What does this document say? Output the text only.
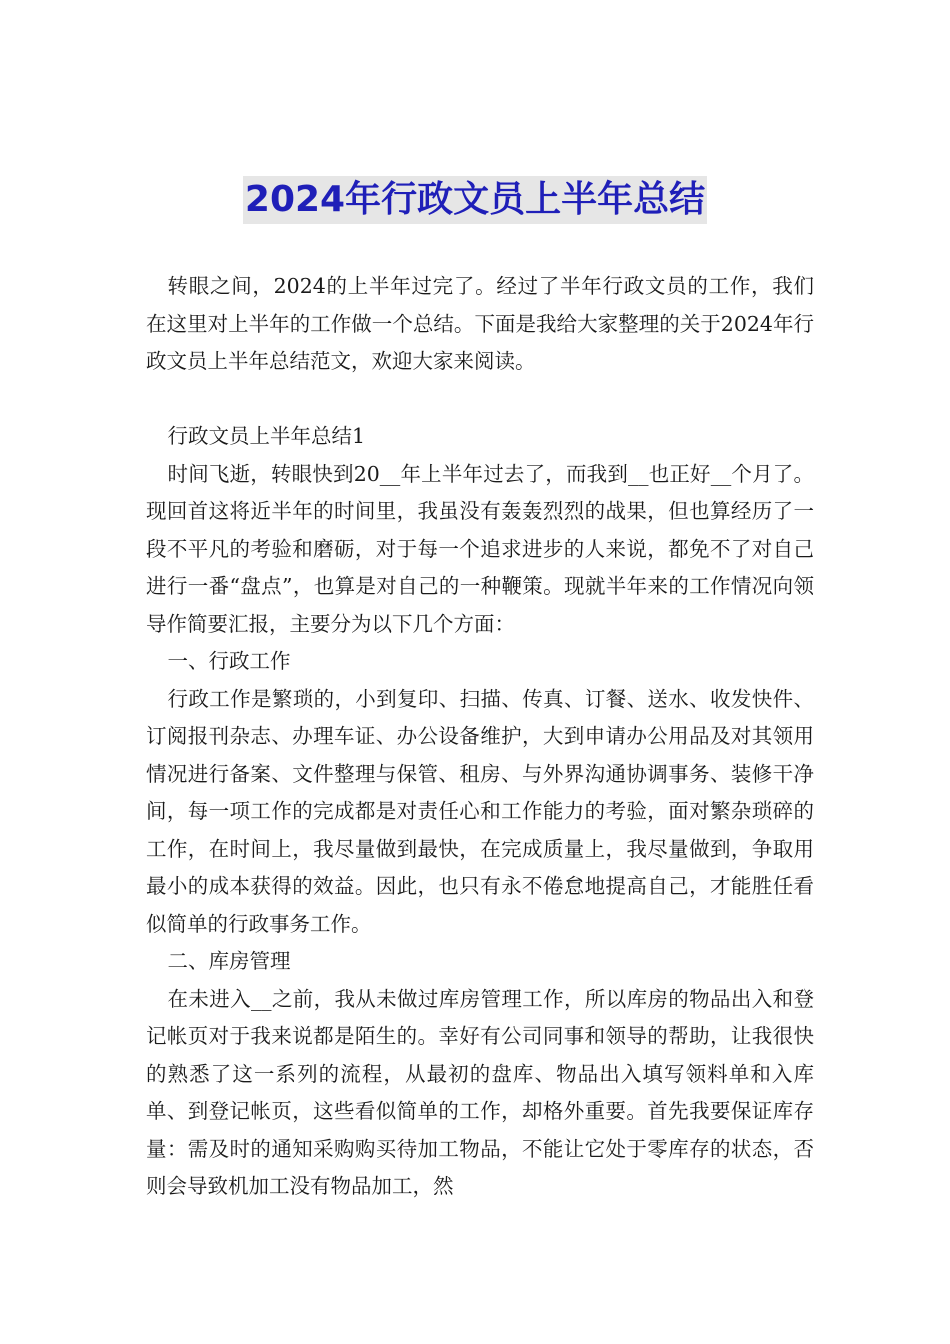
2024年行政文员上半年总结

转眼之间，2024的上半年过完了。经过了半年行政文员的工作，我们在这里对上半年的工作做一个总结。下面是我给大家整理的关于2024年行政文员上半年总结范文，欢迎大家来阅读。

行政文员上半年总结1

时间飞逝，转眼快到20__年上半年过去了，而我到__也正好__个月了。现回首这将近半年的时间里，我虽没有轰轰烈烈的战果，但也算经历了一段不平凡的考验和磨砺，对于每一个追求进步的人来说，都免不了对自己进行一番“盘点”，也算是对自己的一种鞭策。现就半年来的工作情况向领导作简要汇报，主要分为以下几个方面：

一、行政工作

行政工作是繁琐的，小到复印、扫描、传真、订餐、送水、收发快件、订阅报刊杂志、办理车证、办公设备维护，大到申请办公用品及对其领用情况进行备案、文件整理与保管、租房、与外界沟通协调事务、装修干净间，每一项工作的完成都是对责任心和工作能力的考验，面对繁杂琐碎的工作，在时间上，我尽量做到最快，在完成质量上，我尽量做到，争取用最小的成本获得的效益。因此，也只有永不倦怠地提高自己，才能胜任看似简单的行政事务工作。

二、库房管理

在未进入__之前，我从未做过库房管理工作，所以库房的物品出入和登记帐页对于我来说都是陌生的。幸好有公司同事和领导的帮助，让我很快的熟悉了这一系列的流程，从最初的盘库、物品出入填写领料单和入库单、到登记帐页，这些看似简单的工作，却格外重要。首先我要保证库存量：需及时的通知采购购买待加工物品，不能让它处于零库存的状态，否则会导致机加工没有物品加工，然
